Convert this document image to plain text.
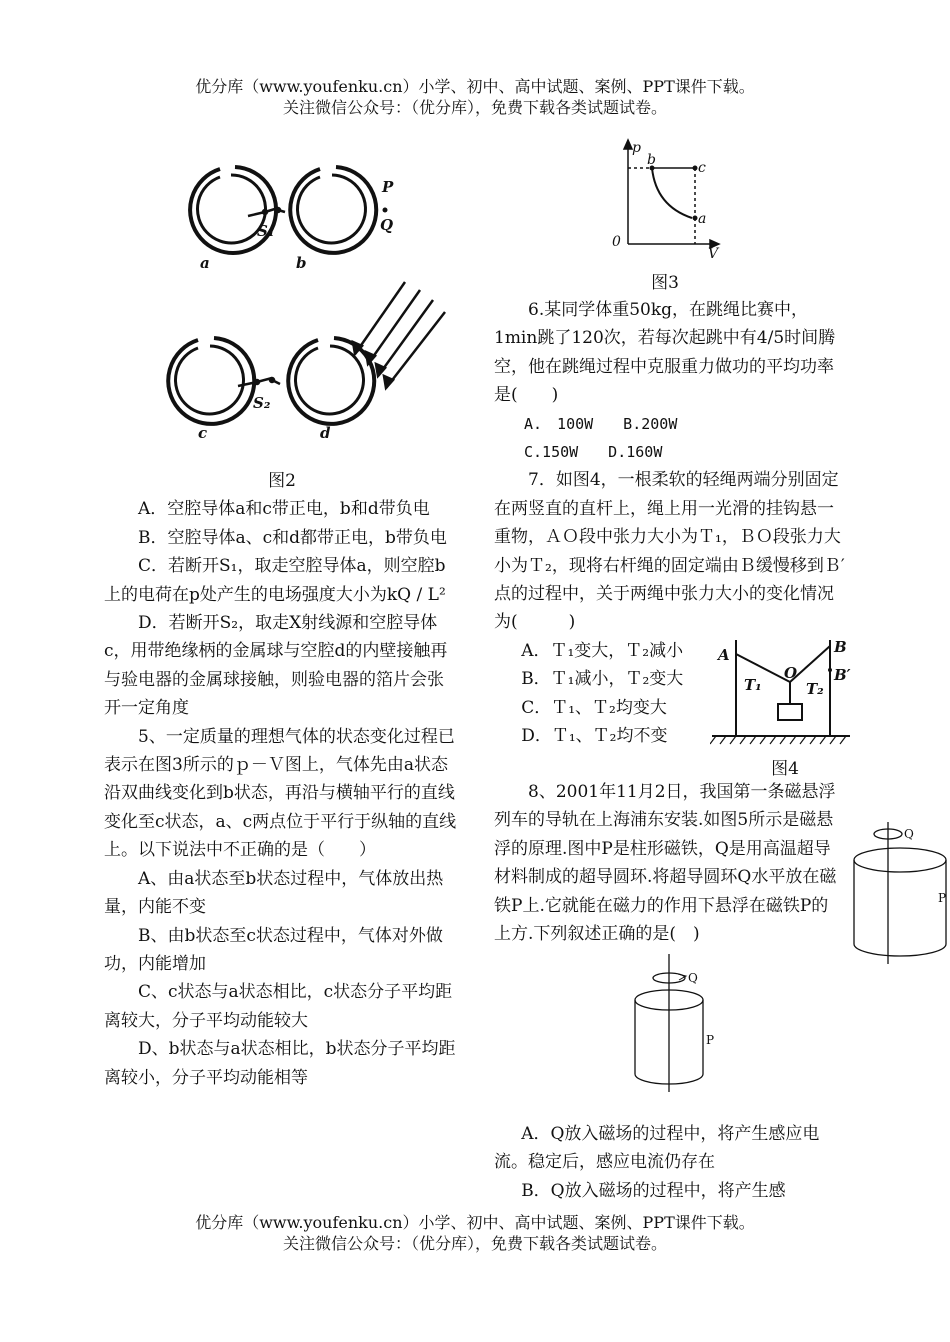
优分库（www.youfenku.cn）小学、初中、高中试题、案例、PPT课件下载。
关注微信公众号：（优分库），免费下载各类试题试卷。
P
Q
a	b
S₁
c	d
S₂

图2

A．空腔导体a和c带正电，b和d带负电

B．空腔导体a、c和d都带正电，b带负电

C．若断开S₁，取走空腔导体a，则空腔b上的电荷在p处产生的电场强度大小为kQ / L²

D．若断开S₂，取走X射线源和空腔导体c，用带绝缘柄的金属球与空腔d的内壁接触再与验电器的金属球接触，则验电器的箔片会张开一定角度

5、一定质量的理想气体的状态变化过程已表示在图3所示的ｐ－Ｖ图上，气体先由a状态沿双曲线变化到b状态，再沿与横轴平行的直线变化至c状态，a、c两点位于平行于纵轴的直线上。以下说法中不正确的是（　　）

A、由a状态至b状态过程中，气体放出热量，内能不变

B、由b状态至c状态过程中，气体对外做功，内能增加

C、c状态与a状态相比，c状态分子平均距离较大，分子平均动能较大

D、b状态与a状态相比，b状态分子平均距离较小，分子平均动能相等

p
V
0
b	c
a
图3

6.某同学体重50kg，在跳绳比赛中，1min跳了120次，若每次起跳中有4/5时间腾空，他在跳绳过程中克服重力做功的平均功率是(　　)

A.　100W　　B.200W

C.150W　　D.160W

7．如图4，一根柔软的轻绳两端分别固定在两竖直的直杆上，绳上用一光滑的挂钩悬一重物，ＡＯ段中张力大小为Ｔ₁，ＢＯ段张力大小为Ｔ₂，现将右杆绳的固定端由Ｂ缓慢移到Ｂ′点的过程中，关于两绳中张力大小的变化情况为(　　　)

A．Ｔ₁变大，Ｔ₂减小

B．Ｔ₁减小，Ｔ₂变大

C．Ｔ₁、Ｔ₂均变大

D．Ｔ₁、Ｔ₂均不变

A	B
B′
O
T₁	T₂
图4

8、2001年11月2日，我国第一条磁悬浮列车的导轨在上海浦东安装.如图5所示是磁悬浮的原理.图中P是柱形磁铁，Q是用高温超导材料制成的超导圆环.将超导圆环Q水平放在磁铁P上.它就能在磁力的作用下悬浮在磁铁P的上方.下列叙述正确的是(　)

Q
P
Q
P

A．Q放入磁场的过程中，将产生感应电流。稳定后，感应电流仍存在

B．Q放入磁场的过程中，将产生感

优分库（www.youfenku.cn）小学、初中、高中试题、案例、PPT课件下载。
关注微信公众号：（优分库），免费下载各类试题试卷。
